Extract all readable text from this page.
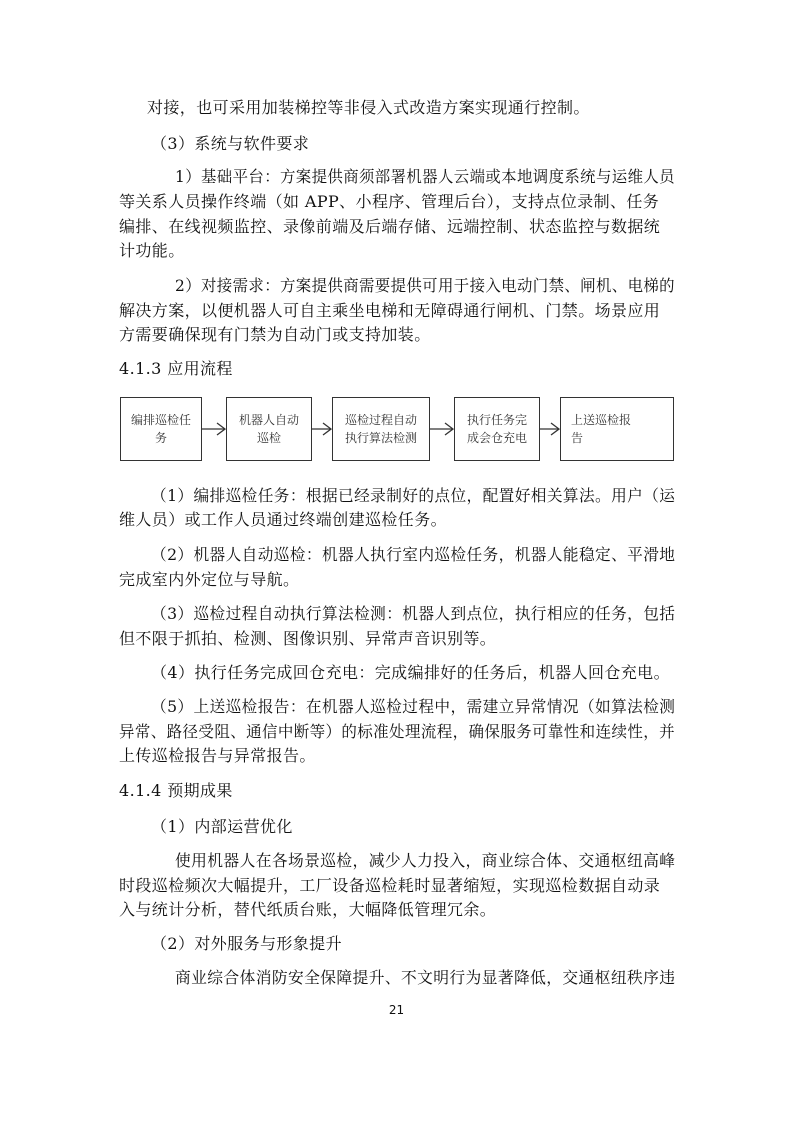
对接，也可采用加装梯控等非侵入式改造方案实现通行控制。
（3）系统与软件要求
1）基础平台：方案提供商须部署机器人云端或本地调度系统与运维人员
等关系人员操作终端（如 APP、小程序、管理后台），支持点位录制、任务
编排、在线视频监控、录像前端及后端存储、远端控制、状态监控与数据统
计功能。
2）对接需求：方案提供商需要提供可用于接入电动门禁、闸机、电梯的
解决方案，以便机器人可自主乘坐电梯和无障碍通行闸机、门禁。场景应用
方需要确保现有门禁为自动门或支持加装。
4.1.3 应用流程
编排巡检任
务
机器人自动
巡检
巡检过程自动
执行算法检测
执行任务完
成会仓充电
上送巡检报
告
（1）编排巡检任务：根据已经录制好的点位，配置好相关算法。用户（运
维人员）或工作人员通过终端创建巡检任务。
（2）机器人自动巡检：机器人执行室内巡检任务，机器人能稳定、平滑地
完成室内外定位与导航。
（3）巡检过程自动执行算法检测：机器人到点位，执行相应的任务，包括
但不限于抓拍、检测、图像识别、异常声音识别等。
（4）执行任务完成回仓充电：完成编排好的任务后，机器人回仓充电。
（5）上送巡检报告：在机器人巡检过程中，需建立异常情况（如算法检测
异常、路径受阻、通信中断等）的标准处理流程，确保服务可靠性和连续性，并
上传巡检报告与异常报告。
4.1.4 预期成果
（1）内部运营优化
使用机器人在各场景巡检，减少人力投入，商业综合体、交通枢纽高峰
时段巡检频次大幅提升，工厂设备巡检耗时显著缩短，实现巡检数据自动录
入与统计分析，替代纸质台账，大幅降低管理冗余。
（2）对外服务与形象提升
商业综合体消防安全保障提升、不文明行为显著降低，交通枢纽秩序违
21
